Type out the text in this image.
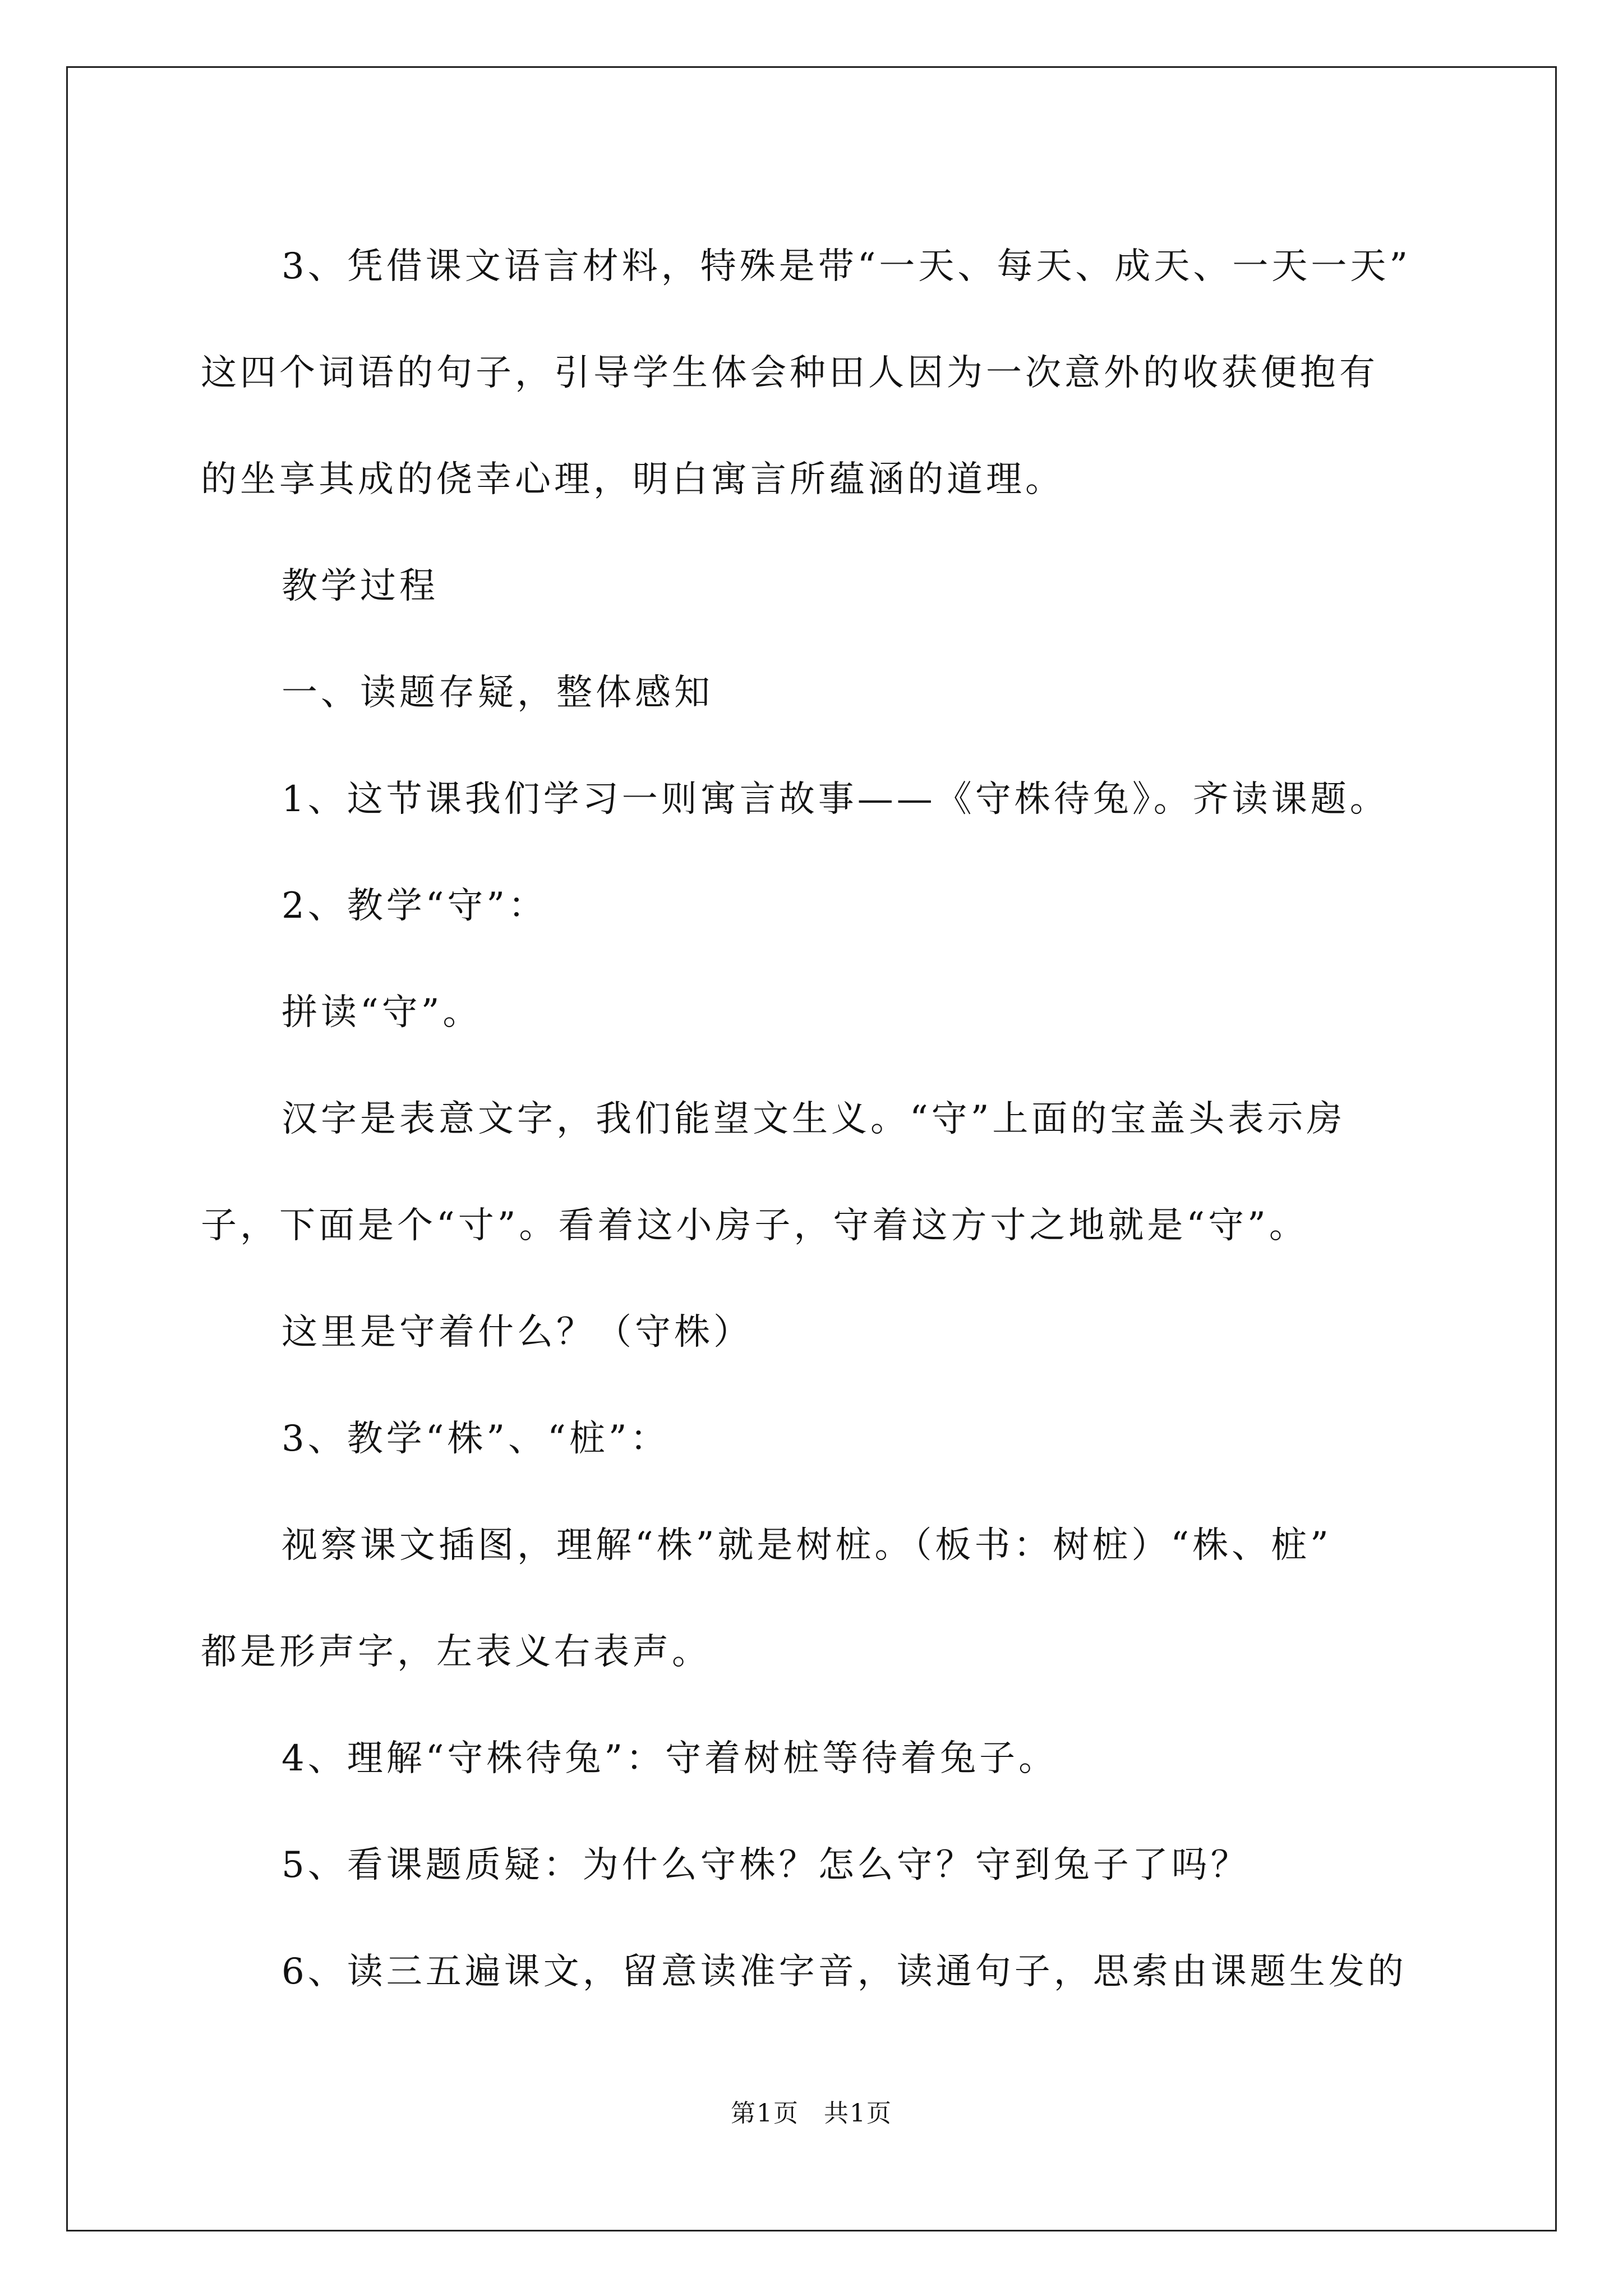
3、凭借课文语言材料，特殊是带“一天、每天、成天、一天一天”

这四个词语的句子，引导学生体会种田人因为一次意外的收获便抱有

的坐享其成的侥幸心理，明白寓言所蕴涵的道理。

教学过程

一、读题存疑，整体感知

1、这节课我们学习一则寓言故事——《守株待兔》。齐读课题。

2、教学“守”：

拼读“守”。

汉字是表意文字，我们能望文生义。“守”上面的宝盖头表示房

子，下面是个“寸”。看着这小房子，守着这方寸之地就是“守”。

这里是守着什么？（守株）

3、教学“株”、“桩”：

视察课文插图，理解“株”就是树桩。（板书：树桩）“株、桩”

都是形声字，左表义右表声。

4、理解“守株待兔”：守着树桩等待着兔子。

5、看课题质疑：为什么守株？怎么守？守到兔子了吗？

6、读三五遍课文，留意读准字音，读通句子，思索由课题生发的

第1页 共1页
